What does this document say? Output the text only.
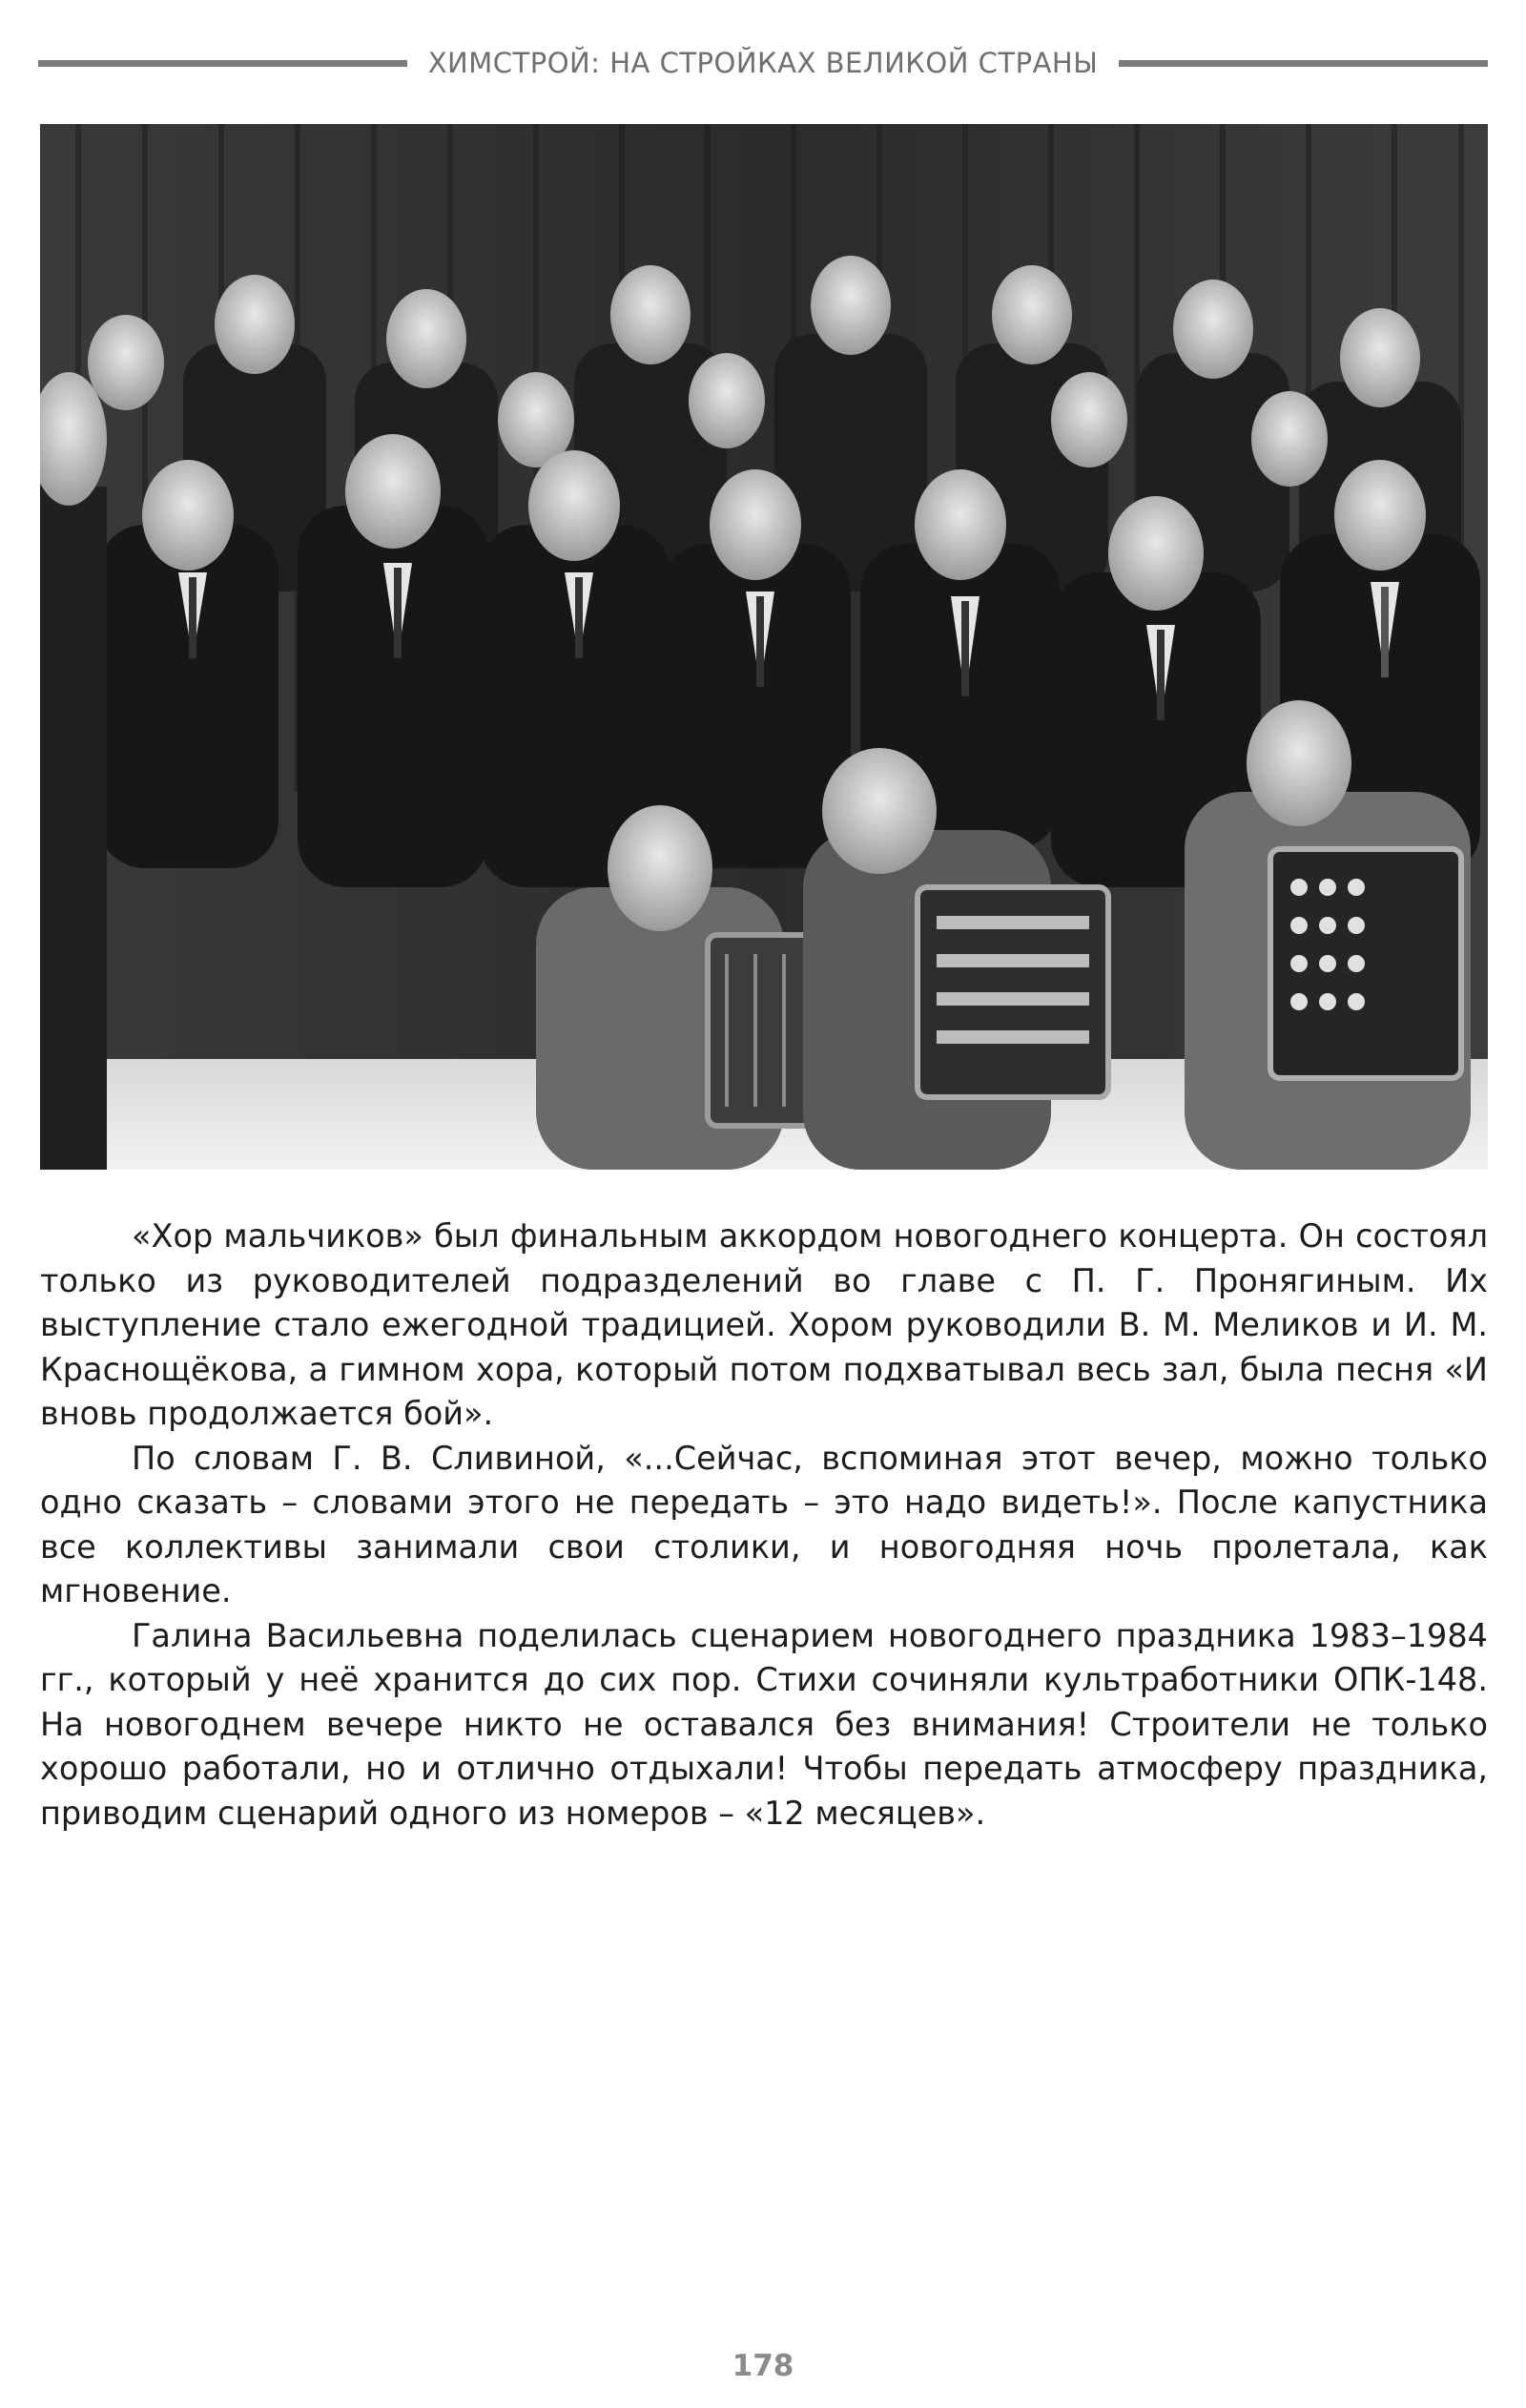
ХИМСТРОЙ: НА СТРОЙКАХ ВЕЛИКОЙ СТРАНЫ

«Хор мальчиков» был финальным аккордом новогоднего концерта. Он состоял только из руководителей подразделений во главе с П. Г. Пронягиным. Их выступление стало ежегодной традицией. Хором руководили В. М. Меликов и И. М. Краснощёкова, а гимном хора, который потом подхватывал весь зал, была песня «И вновь продолжается бой».

По словам Г. В. Сливиной, «...Сейчас, вспоминая этот вечер, можно только одно сказать – словами этого не передать – это надо видеть!». После капустника все коллективы занимали свои столики, и новогодняя ночь пролетала, как мгновение.

Галина Васильевна поделилась сценарием новогоднего праздника 1983–1984 гг., который у неё хранится до сих пор. Стихи сочиняли культработники ОПК-148. На новогоднем вечере никто не оставался без внимания! Строители не только хорошо работали, но и отлично отдыхали! Чтобы передать атмосферу праздника, приводим сценарий одного из номеров – «12 месяцев».

178
